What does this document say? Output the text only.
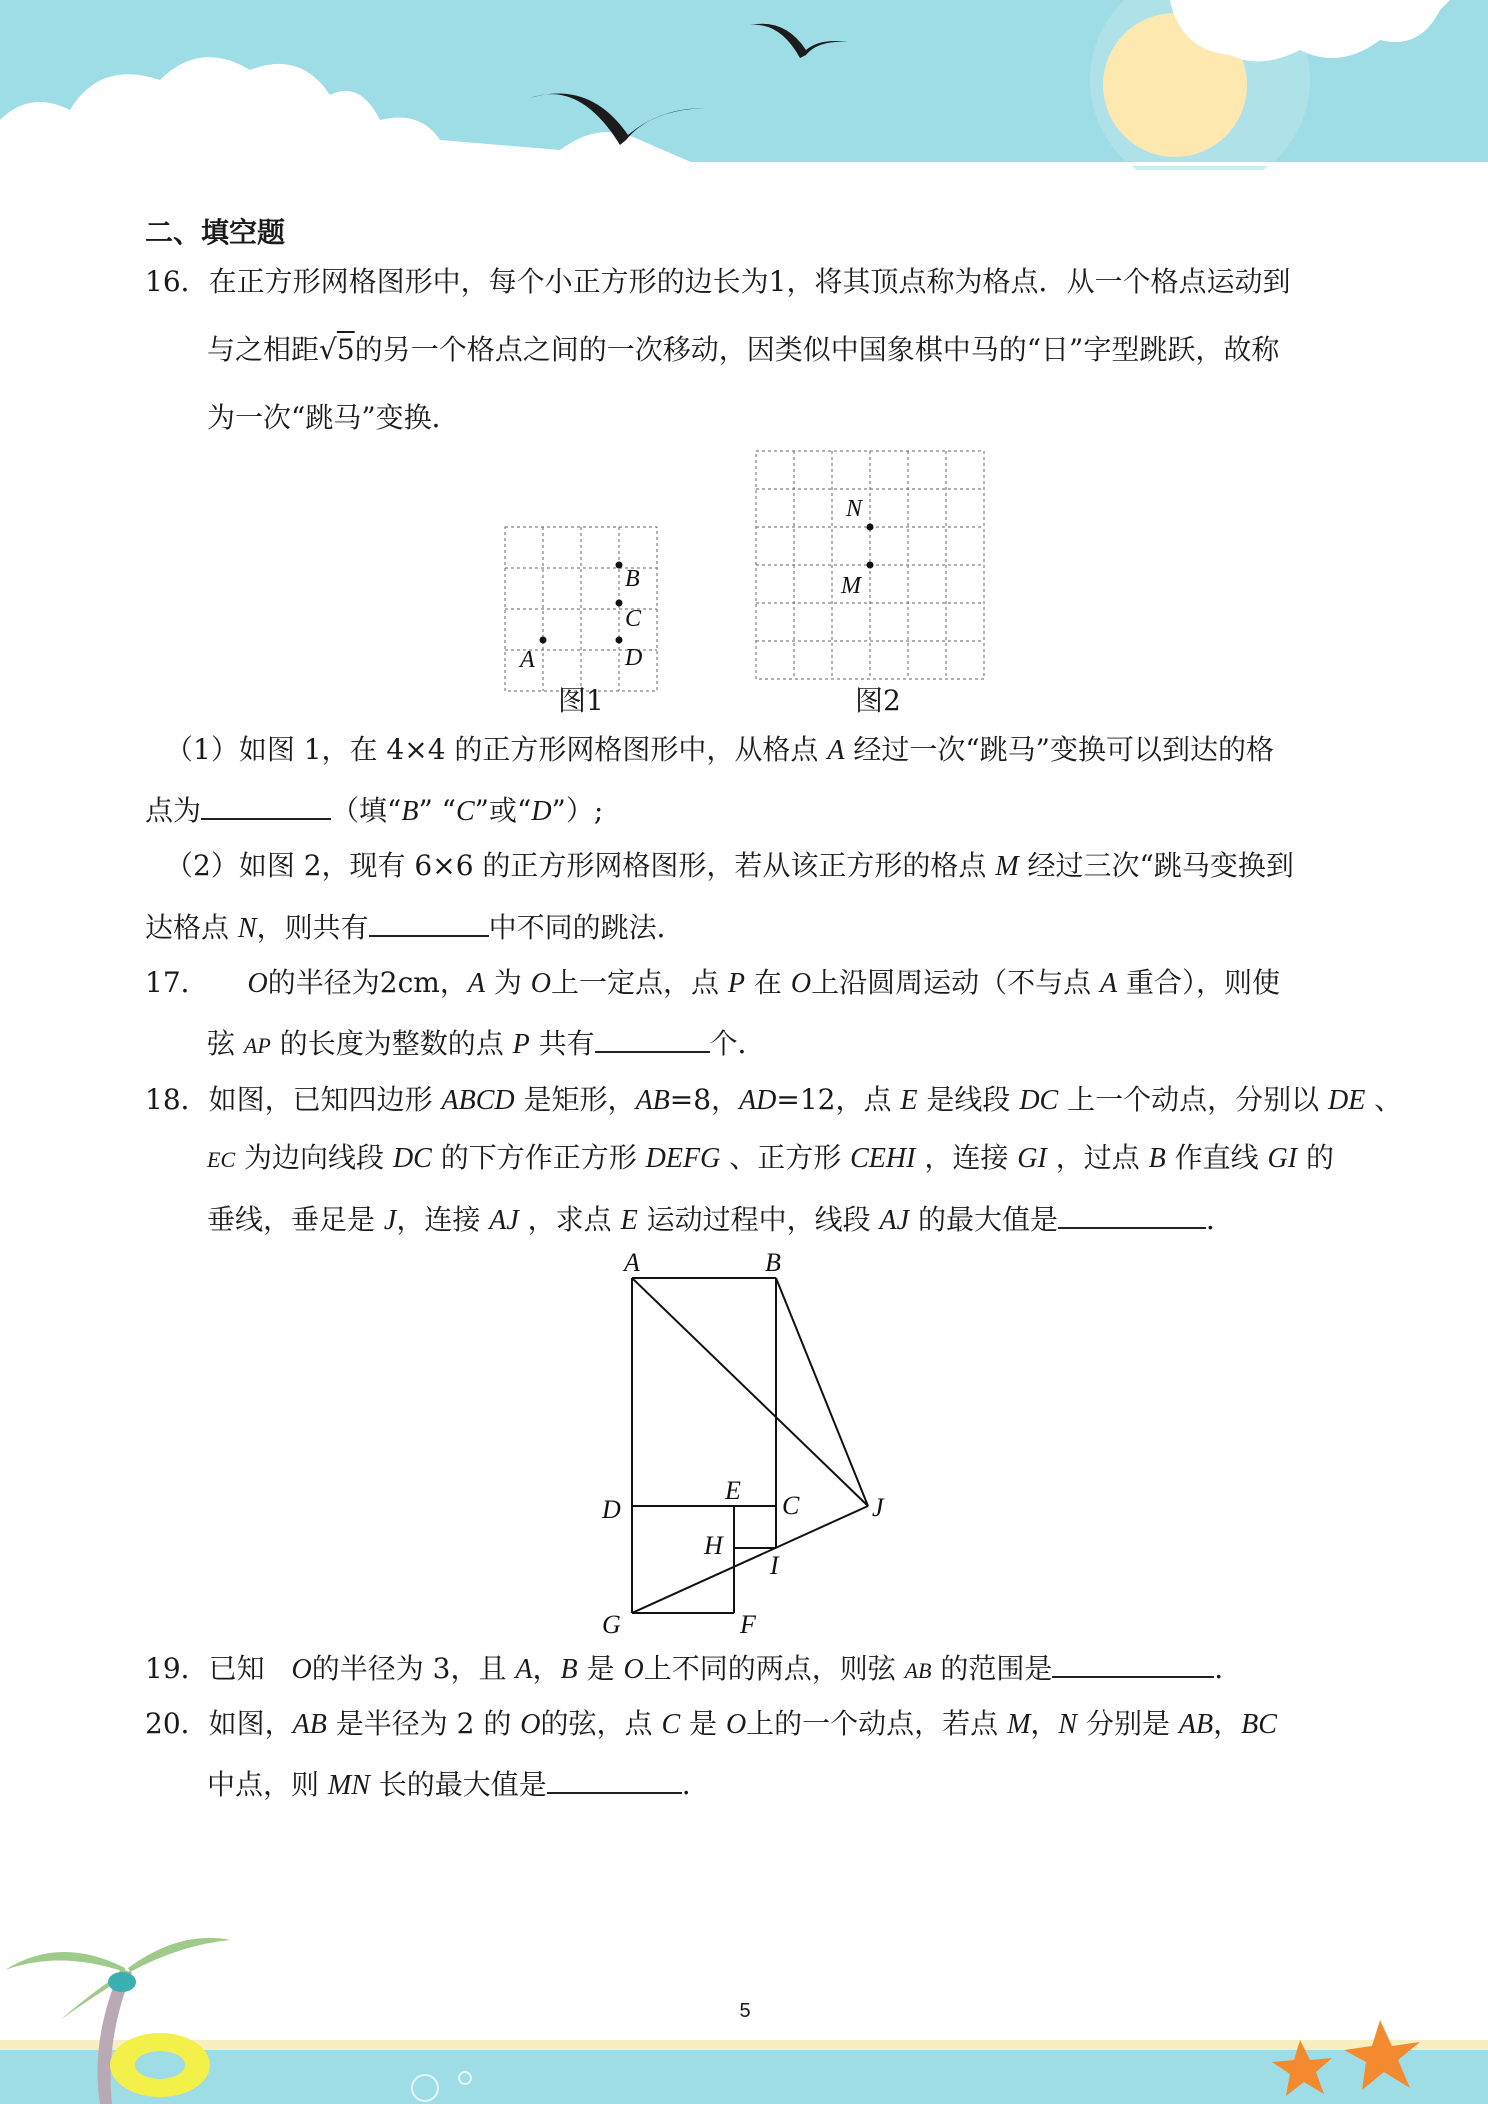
二、填空题
16．在正方形网格图形中，每个小正方形的边长为1，将其顶点称为格点．从一个格点运动到
与之相距√5的另一个格点之间的一次移动，因类似中国象棋中马的“日”字型跳跃，故称
为一次“跳马”变换．
A
B
C
D
图1
N
M
图2
（1）如图 1，在 4×4 的正方形网格图形中，从格点 A 经过一次“跳马”变换可以到达的格
点为	（填“B” “C”或“D”）;
（2）如图 2，现有 6×6 的正方形网格图形，若从该正方形的格点 M 经过三次“跳马变换到
达格点 N，则共有	中不同的跳法．
17． O的半径为2cm，A 为 O上一定点，点 P 在 O上沿圆周运动（不与点 A 重合），则使
弦 AP 的长度为整数的点 P 共有	个．
18．如图，已知四边形 ABCD 是矩形，AB=8，AD=12，点 E 是线段 DC 上一个动点，分别以 DE 、
EC 为边向线段 DC 的下方作正方形 DEFG 、正方形 CEHI ，连接 GI ，过点 B 作直线 GI 的
垂线，垂足是 J，连接 AJ ，求点 E 运动过程中，线段 AJ 的最大值是	．
A	B
D
E
C	J
H
I
G	F
19．已知 O的半径为 3，且 A，B 是 O上不同的两点，则弦 AB 的范围是	．
20．如图，AB 是半径为 2 的 O的弦，点 C 是 O上的一个动点，若点 M，N 分别是 AB，BC
中点，则 MN 长的最大值是	．
5
